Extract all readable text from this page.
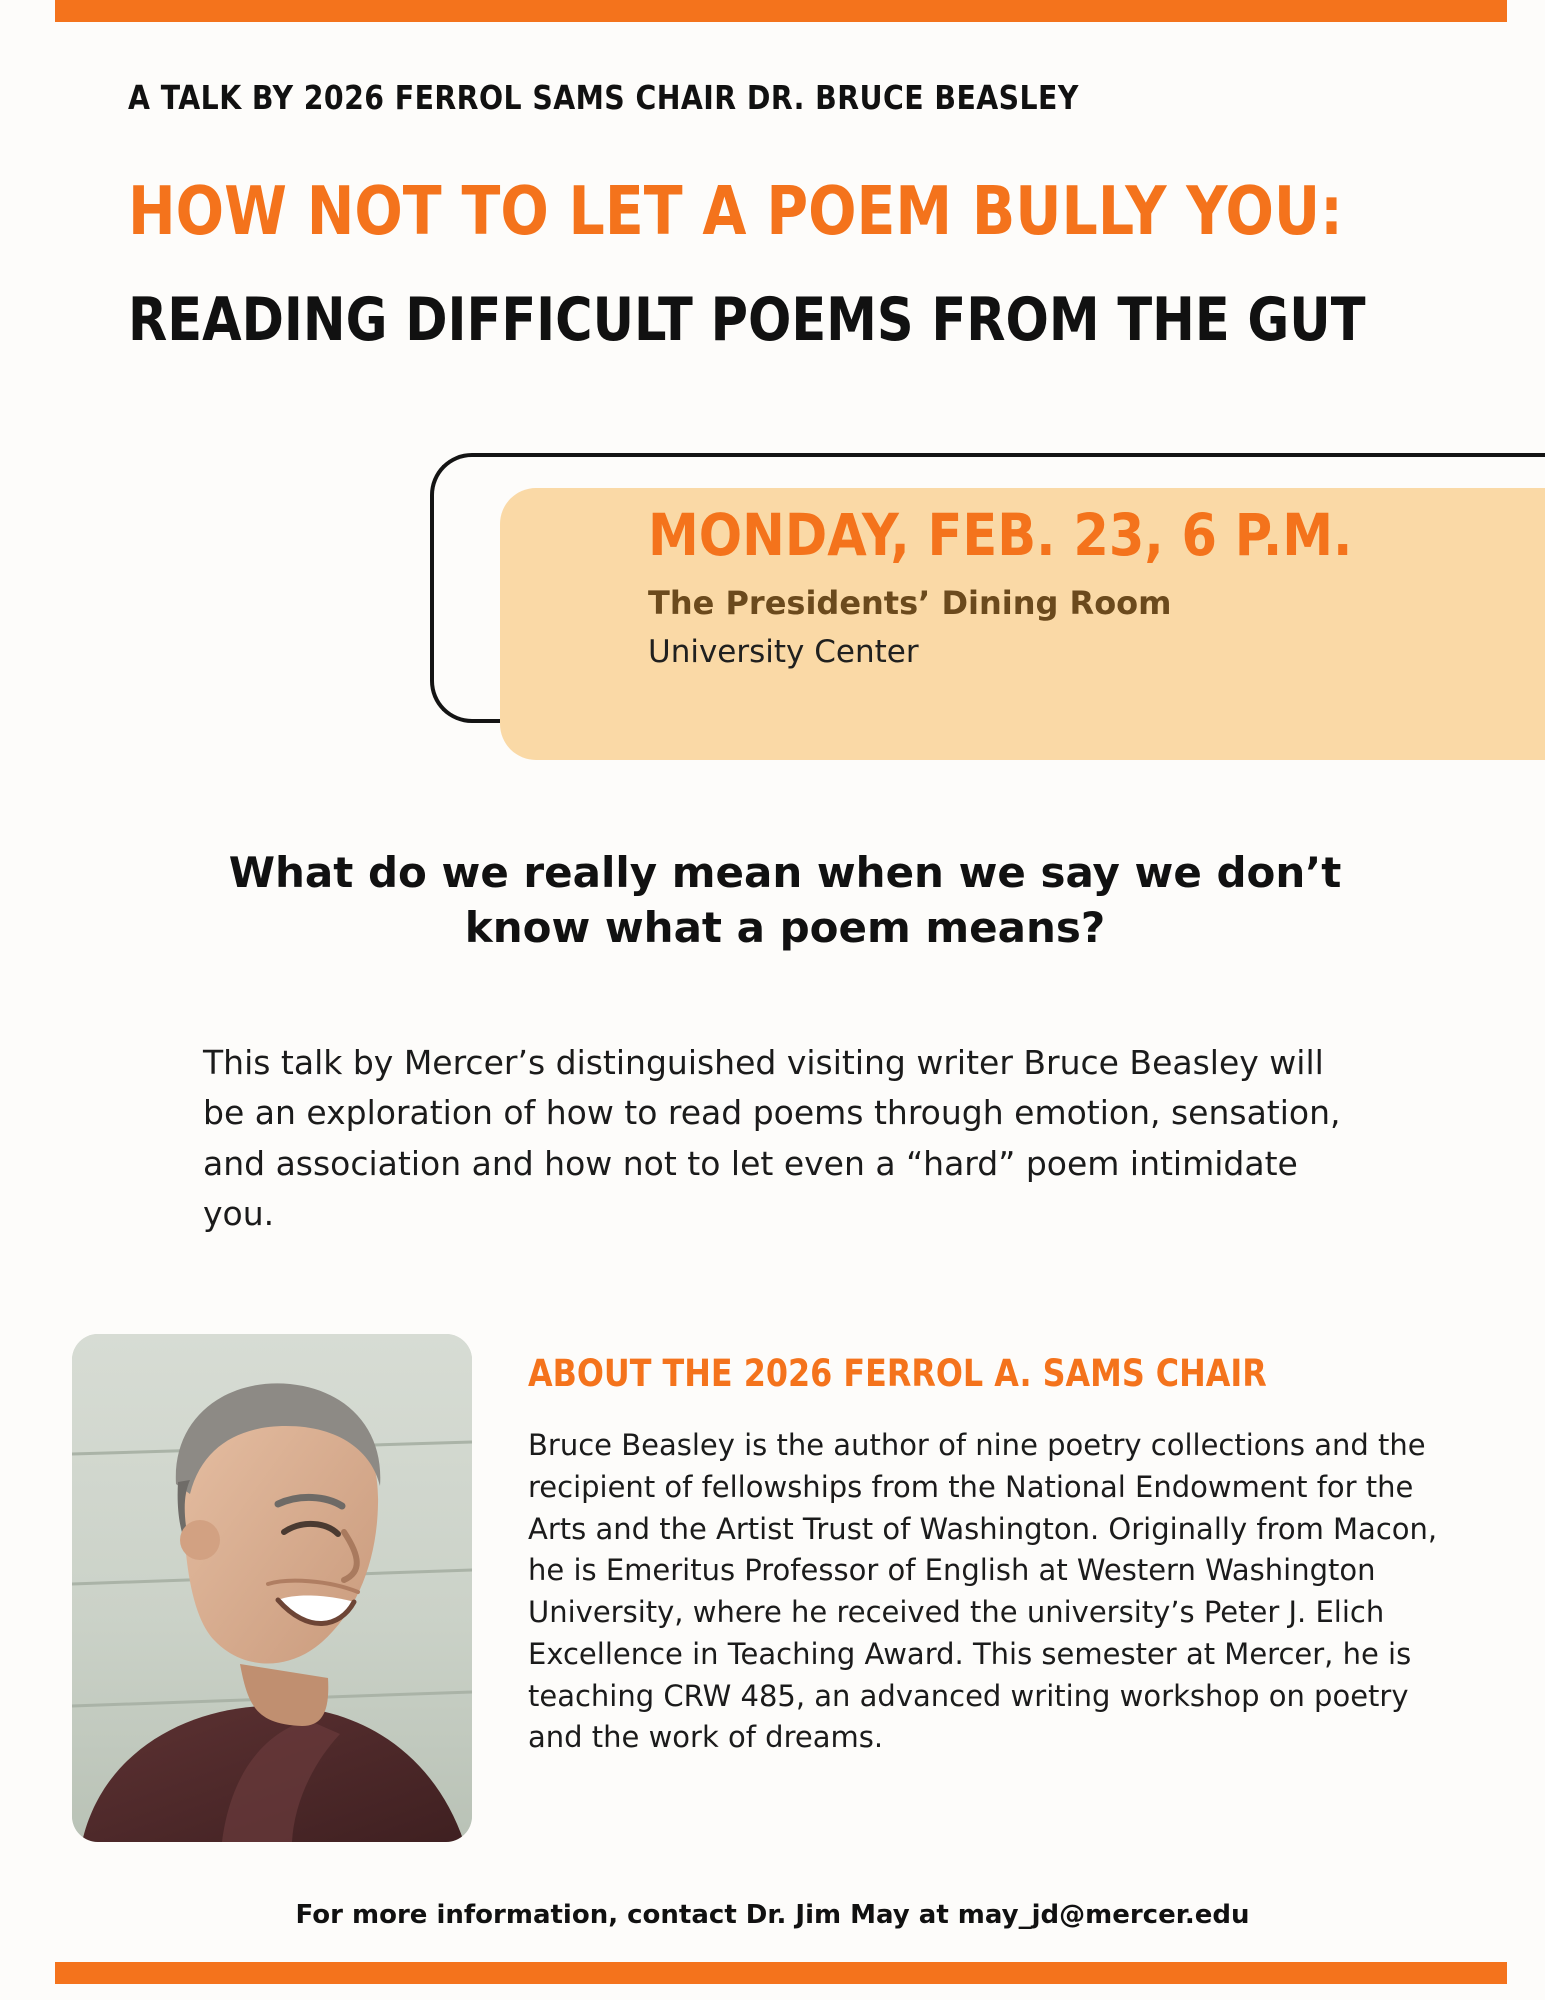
A TALK BY 2026 FERROL SAMS CHAIR DR. BRUCE BEASLEY
HOW NOT TO LET A POEM BULLY YOU:
READING DIFFICULT POEMS FROM THE GUT
MONDAY, FEB. 23, 6 P.M.
The Presidents’ Dining Room
University Center
What do we really mean when we say we don’t know what a poem means?
This talk by Mercer’s distinguished visiting writer Bruce Beasley will be an exploration of how to read poems through emotion, sensation, and association and how not to let even a “hard” poem intimidate you.
ABOUT THE 2026 FERROL A. SAMS CHAIR
Bruce Beasley is the author of nine poetry collections and the recipient of fellowships from the National Endowment for the Arts and the Artist Trust of Washington. Originally from Macon, he is Emeritus Professor of English at Western Washington University, where he received the university’s Peter J. Elich Excellence in Teaching Award. This semester at Mercer, he is teaching CRW 485, an advanced writing workshop on poetry and the work of dreams.
For more information, contact Dr. Jim May at may_jd@mercer.edu
